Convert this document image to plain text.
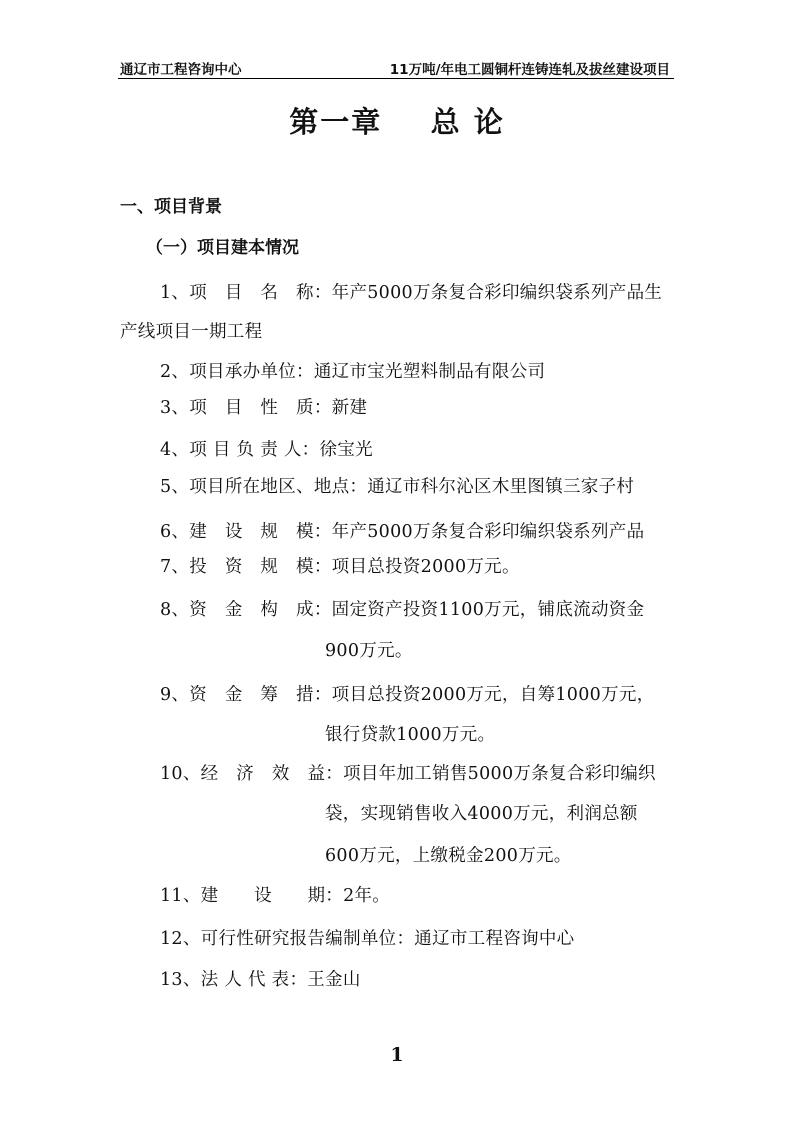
通辽市工程咨询中心	11万吨/年电工圆铜杆连铸连轧及拔丝建设项目
第一章    总 论
一、项目背景
（一）项目建本情况
1、项　目　名　称：年产5000万条复合彩印编织袋系列产品生
产线项目一期工程
2、项目承办单位：通辽市宝光塑料制品有限公司
3、项　目　性　质：新建
4、项 目 负 责 人：徐宝光
5、项目所在地区、地点：通辽市科尔沁区木里图镇三家子村
6、建　设　规　模：年产5000万条复合彩印编织袋系列产品
7、投　资　规　模：项目总投资2000万元。
8、资　金　构　成：固定资产投资1100万元，铺底流动资金
900万元。
9、资　金　筹　措：项目总投资2000万元，自筹1000万元，
银行贷款1000万元。
10、经　济　效　益：项目年加工销售5000万条复合彩印编织
袋，实现销售收入4000万元，利润总额
600万元，上缴税金200万元。
11、建　　设　　期：2年。
12、可行性研究报告编制单位：通辽市工程咨询中心
13、法 人 代 表：王金山
1
